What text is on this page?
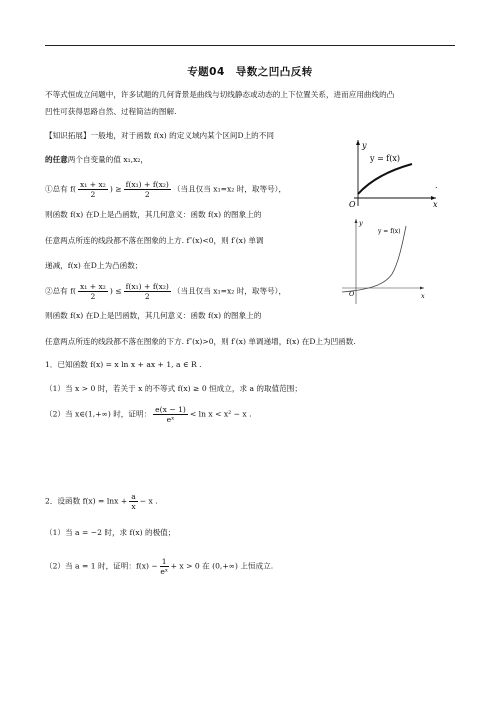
专题04　导数之凹凸反转
不等式恒成立问题中，许多试题的几何背景是曲线与切线静态或动态的上下位置关系，进而应用曲线的凸
凹性可获得思路自然、过程简洁的图解.
【知识拓展】一般地，对于函数 f(x) 的定义域内某个区间D上的不同
的任意两个自变量的值 x₁,x₂，
①总有 $f( \frac{\text{x₁ + x₂}}{2}$ ) ≥ $\frac{\text{f(x₁) + f(x₂)}}{2}$ （当且仅当 x₁=x₂ 时，取等号），
则函数 f(x) 在D上是凸函数，其几何意义：函数 f(x) 的图象上的
任意两点所连的线段都不落在图象的上方. f″(x)<0，则 f′(x) 单调
递减，f(x) 在D上为凸函数；
②总有 $f( \frac{\text{x₁ + x₂}}{2}$ ) ≤ $\frac{\text{f(x₁) + f(x₂)}}{2}$ （当且仅当 x₁=x₂ 时，取等号），
则函数 f(x) 在D上是凹函数，其几何意义：函数 f(x) 的图象上的
任意两点所连的线段都不落在图象的下方. f″(x)>0，则 f′(x) 单调递增，f(x) 在D上为凹函数.
y
x
O
y = f(x)
.
y
x
O
y = f(x)
1．已知函数 f(x) = x ln x + ax + 1, a ∈ R .
（1）当 x > 0 时，若关于 x 的不等式 f(x) ≥ 0 恒成立，求 a 的取值范围；
（2）当 x∈(1,+∞) 时，证明： $\frac{e(x - 1)}{\text{eˣ}} < \ln x < x^2 - x$ .
2．设函数 $f(x) = \ln x + \frac{a}{x} - x$ .
（1）当 a = −2 时，求 f(x) 的极值；
（2）当 a = 1 时，证明：$f(x) - \frac{1}{\text{eˣ}} + x > 0$ 在 (0,+∞) 上恒成立.
